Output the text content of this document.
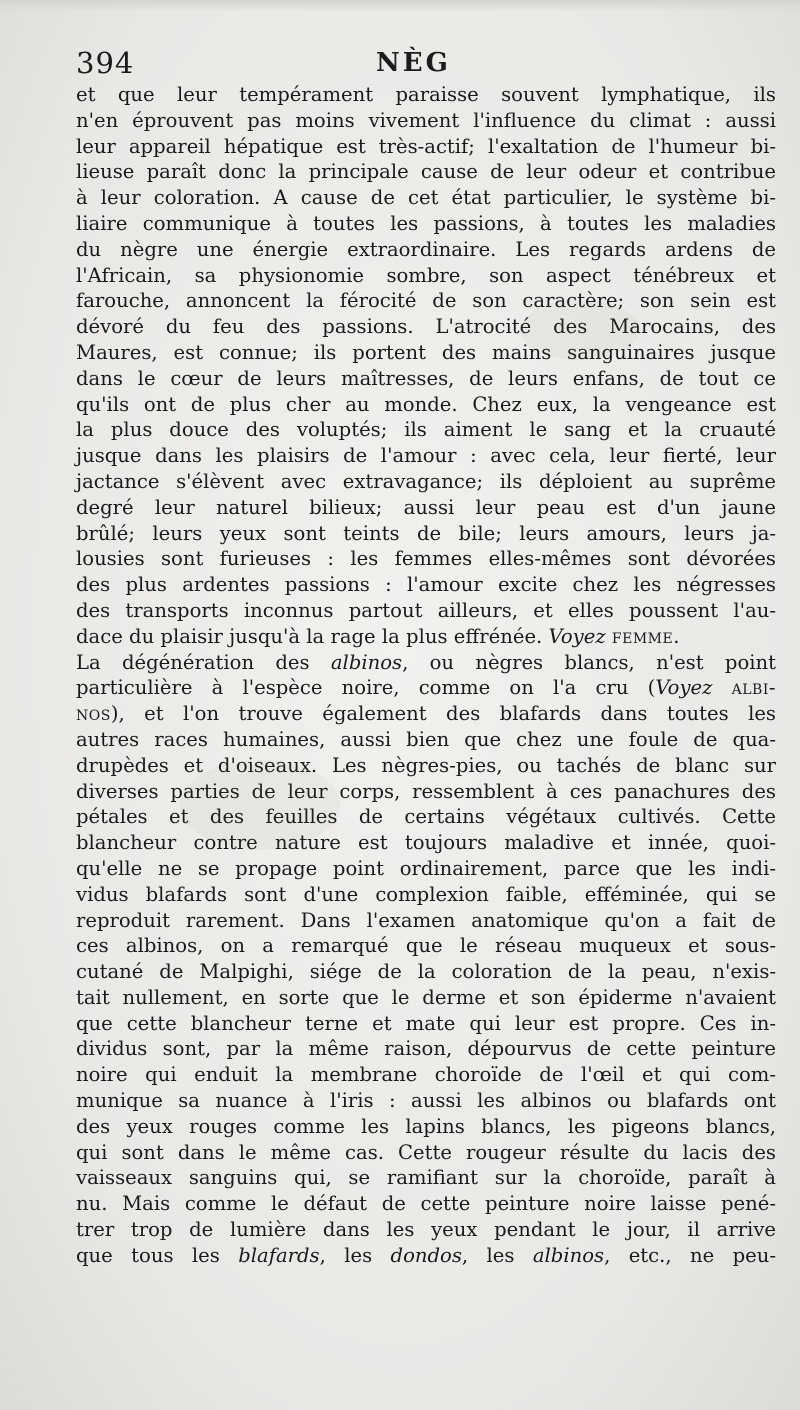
394	NÈG
et que leur tempérament paraisse souvent lymphatique, ils
n'en éprouvent pas moins vivement l'influence du climat : aussi
leur appareil hépatique est très-actif; l'exaltation de l'humeur bi-
lieuse paraît donc la principale cause de leur odeur et contribue
à leur coloration. A cause de cet état particulier, le système bi-
liaire communique à toutes les passions, à toutes les maladies
du nègre une énergie extraordinaire. Les regards ardens de
l'Africain, sa physionomie sombre, son aspect ténébreux et
farouche, annoncent la férocité de son caractère; son sein est
dévoré du feu des passions. L'atrocité des Marocains, des
Maures, est connue; ils portent des mains sanguinaires jusque
dans le cœur de leurs maîtresses, de leurs enfans, de tout ce
qu'ils ont de plus cher au monde. Chez eux, la vengeance est
la plus douce des voluptés; ils aiment le sang et la cruauté
jusque dans les plaisirs de l'amour : avec cela, leur fierté, leur
jactance s'élèvent avec extravagance; ils déploient au suprême
degré leur naturel bilieux; aussi leur peau est d'un jaune
brûlé; leurs yeux sont teints de bile; leurs amours, leurs ja-
lousies sont furieuses : les femmes elles-mêmes sont dévorées
des plus ardentes passions : l'amour excite chez les négresses
des transports inconnus partout ailleurs, et elles poussent l'au-
dace du plaisir jusqu'à la rage la plus effrénée. Voyez femme.
La dégénération des albinos, ou nègres blancs, n'est point
particulière à l'espèce noire, comme on l'a cru (Voyez albi-
nos), et l'on trouve également des blafards dans toutes les
autres races humaines, aussi bien que chez une foule de qua-
drupèdes et d'oiseaux. Les nègres-pies, ou tachés de blanc sur
diverses parties de leur corps, ressemblent à ces panachures des
pétales et des feuilles de certains végétaux cultivés. Cette
blancheur contre nature est toujours maladive et innée, quoi-
qu'elle ne se propage point ordinairement, parce que les indi-
vidus blafards sont d'une complexion faible, efféminée, qui se
reproduit rarement. Dans l'examen anatomique qu'on a fait de
ces albinos, on a remarqué que le réseau muqueux et sous-
cutané de Malpighi, siége de la coloration de la peau, n'exis-
tait nullement, en sorte que le derme et son épiderme n'avaient
que cette blancheur terne et mate qui leur est propre. Ces in-
dividus sont, par la même raison, dépourvus de cette peinture
noire qui enduit la membrane choroïde de l'œil et qui com-
munique sa nuance à l'iris : aussi les albinos ou blafards ont
des yeux rouges comme les lapins blancs, les pigeons blancs,
qui sont dans le même cas. Cette rougeur résulte du lacis des
vaisseaux sanguins qui, se ramifiant sur la choroïde, paraît à
nu. Mais comme le défaut de cette peinture noire laisse pené-
trer trop de lumière dans les yeux pendant le jour, il arrive
que tous les blafards, les dondos, les albinos, etc., ne peu-
